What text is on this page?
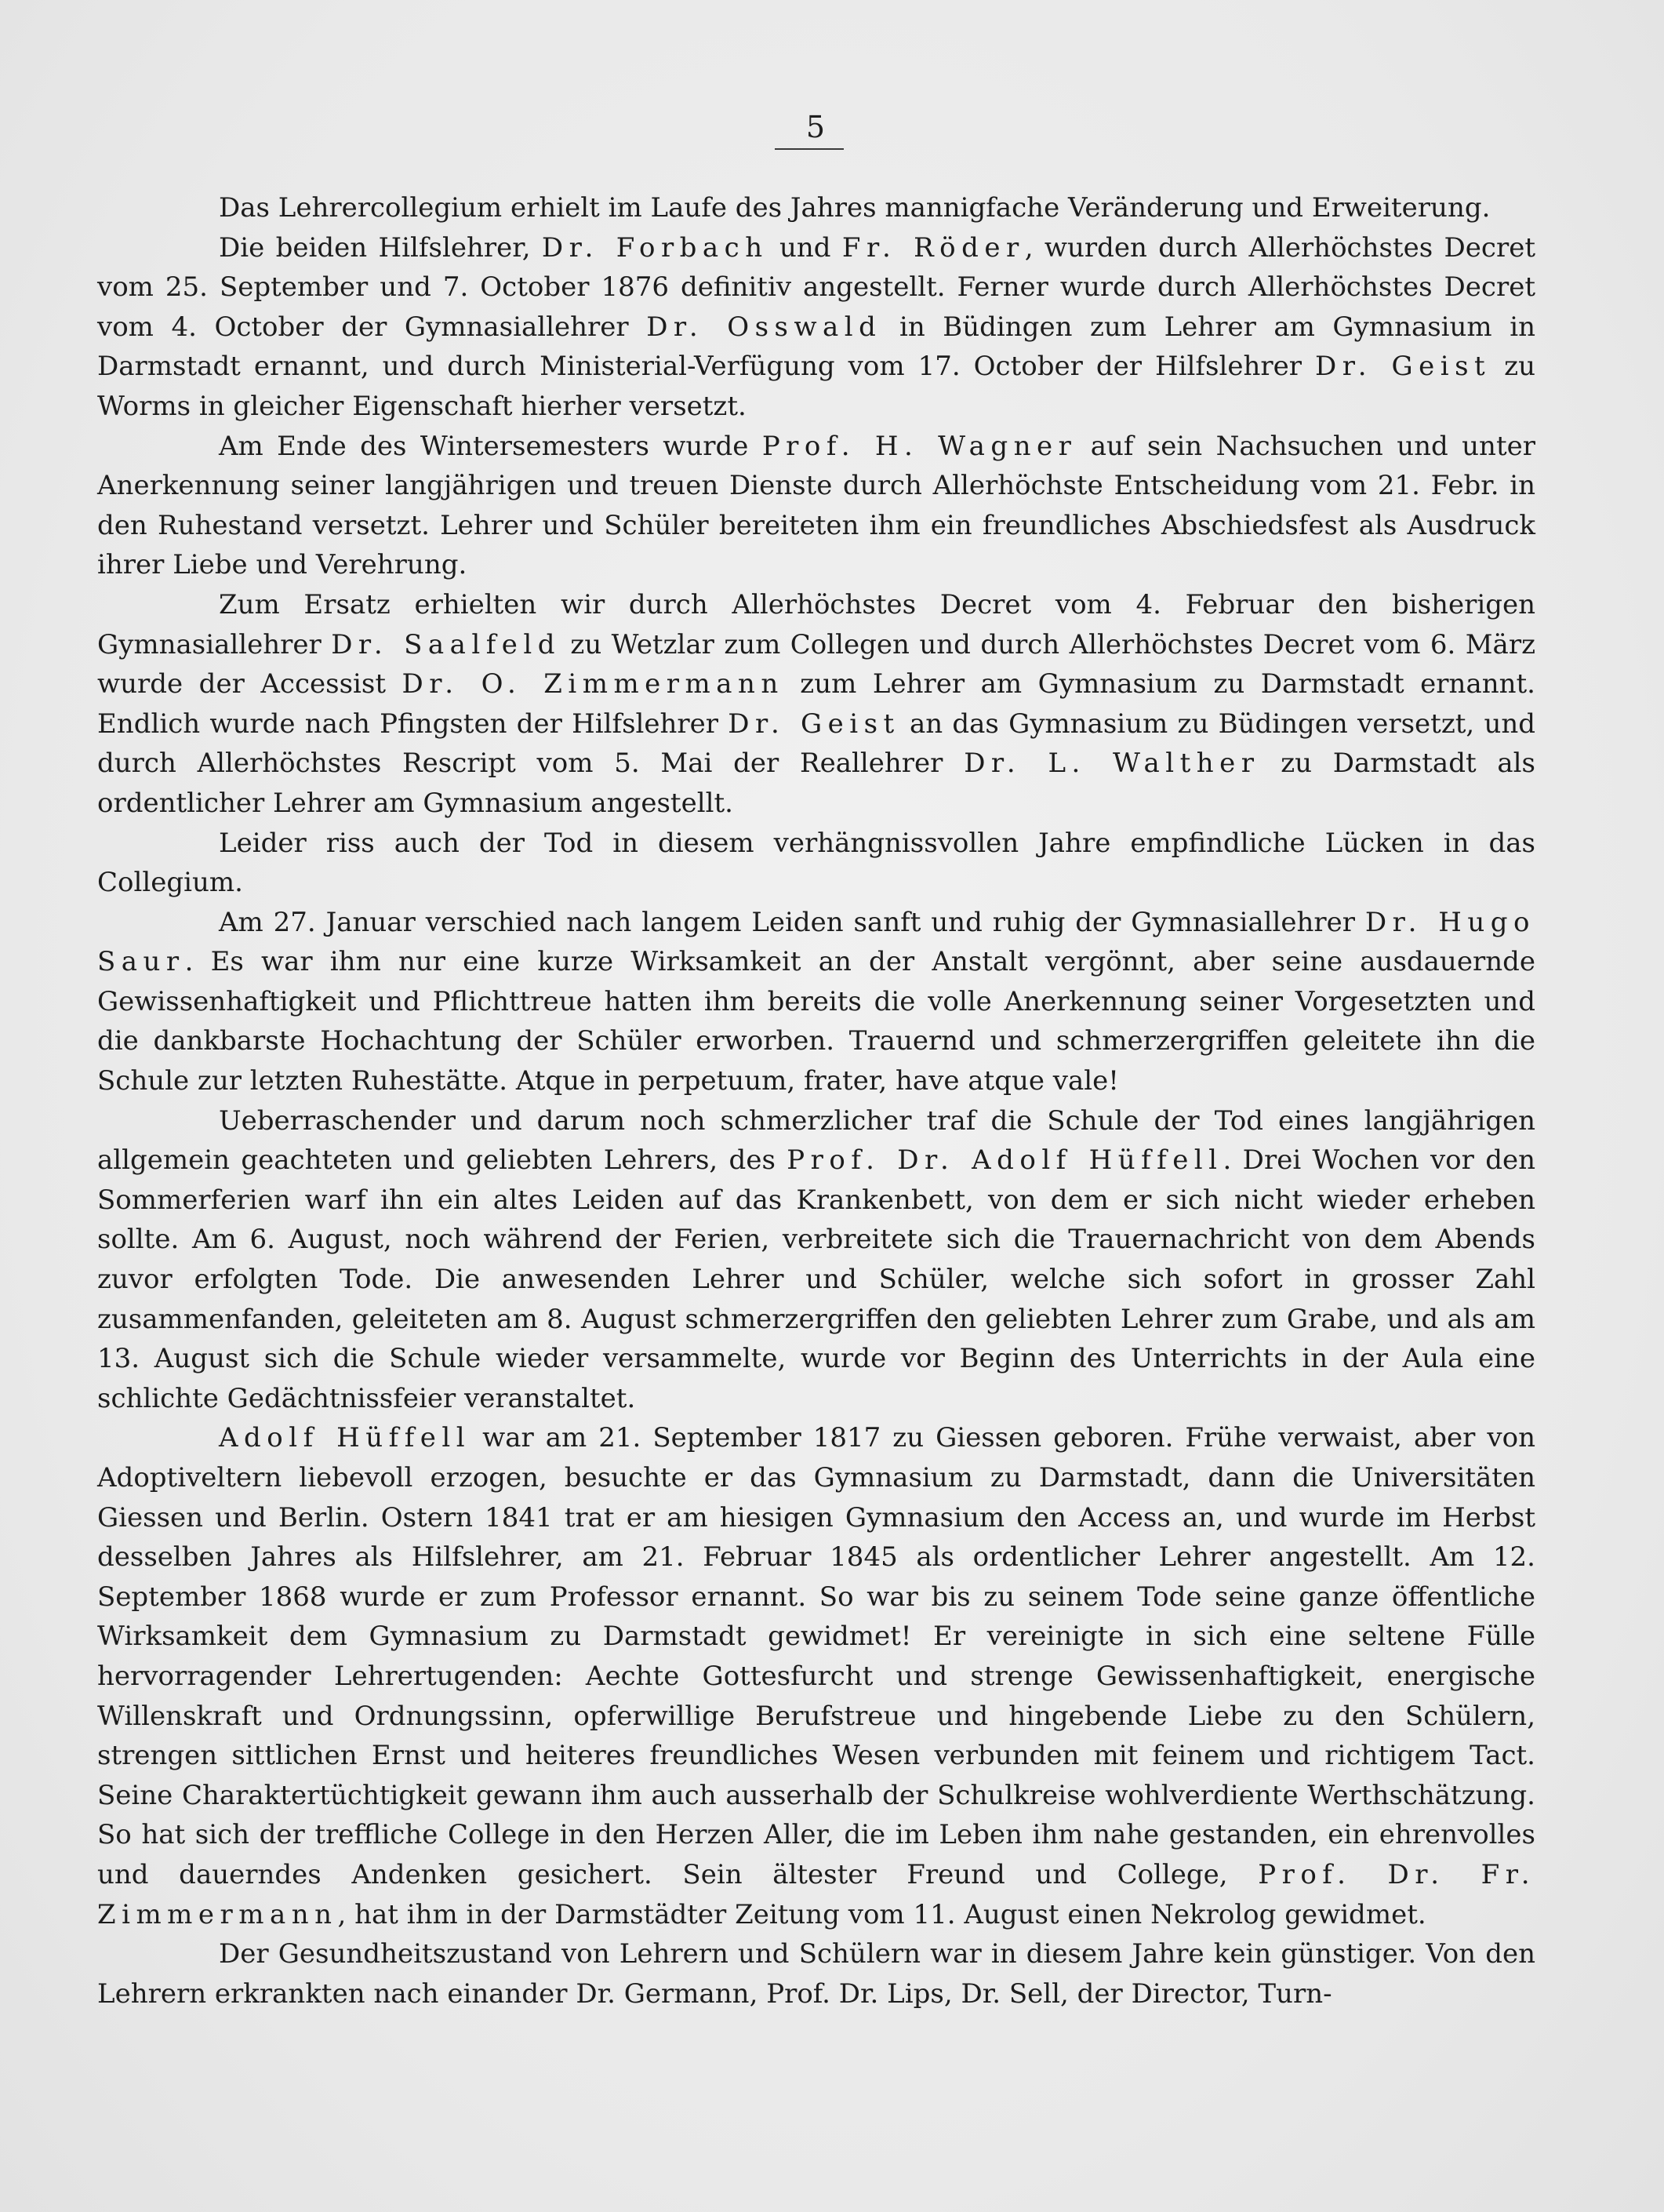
5

Das Lehrercollegium erhielt im Laufe des Jahres mannigfache Veränderung und Erweiterung.

Die beiden Hilfslehrer, Dr. Forbach und Fr. Röder, wurden durch Allerhöchstes Decret vom 25. September und 7. October 1876 definitiv angestellt. Ferner wurde durch Allerhöchstes Decret vom 4. October der Gymnasiallehrer Dr. Osswald in Büdingen zum Lehrer am Gymnasium in Darmstadt ernannt, und durch Ministerial-Verfügung vom 17. October der Hilfslehrer Dr. Geist zu Worms in gleicher Eigenschaft hierher versetzt.

Am Ende des Wintersemesters wurde Prof. H. Wagner auf sein Nachsuchen und unter Anerkennung seiner langjährigen und treuen Dienste durch Allerhöchste Entscheidung vom 21. Febr. in den Ruhestand versetzt. Lehrer und Schüler bereiteten ihm ein freundliches Abschiedsfest als Ausdruck ihrer Liebe und Verehrung.

Zum Ersatz erhielten wir durch Allerhöchstes Decret vom 4. Februar den bisherigen Gymnasiallehrer Dr. Saalfeld zu Wetzlar zum Collegen und durch Allerhöchstes Decret vom 6. März wurde der Accessist Dr. O. Zimmermann zum Lehrer am Gymnasium zu Darmstadt ernannt. Endlich wurde nach Pfingsten der Hilfslehrer Dr. Geist an das Gymnasium zu Büdingen versetzt, und durch Allerhöchstes Rescript vom 5. Mai der Reallehrer Dr. L. Walther zu Darmstadt als ordentlicher Lehrer am Gymnasium angestellt.

Leider riss auch der Tod in diesem verhängnissvollen Jahre empfindliche Lücken in das Collegium.

Am 27. Januar verschied nach langem Leiden sanft und ruhig der Gymnasiallehrer Dr. Hugo Saur. Es war ihm nur eine kurze Wirksamkeit an der Anstalt vergönnt, aber seine ausdauernde Gewissenhaftigkeit und Pflichttreue hatten ihm bereits die volle Anerkennung seiner Vorgesetzten und die dankbarste Hochachtung der Schüler erworben. Trauernd und schmerzergriffen geleitete ihn die Schule zur letzten Ruhestätte. Atque in perpetuum, frater, have atque vale!

Ueberraschender und darum noch schmerzlicher traf die Schule der Tod eines langjährigen allgemein geachteten und geliebten Lehrers, des Prof. Dr. Adolf Hüffell. Drei Wochen vor den Sommerferien warf ihn ein altes Leiden auf das Krankenbett, von dem er sich nicht wieder erheben sollte. Am 6. August, noch während der Ferien, verbreitete sich die Trauernachricht von dem Abends zuvor erfolgten Tode. Die anwesenden Lehrer und Schüler, welche sich sofort in grosser Zahl zusammenfanden, geleiteten am 8. August schmerzergriffen den geliebten Lehrer zum Grabe, und als am 13. August sich die Schule wieder versammelte, wurde vor Beginn des Unterrichts in der Aula eine schlichte Gedächtnissfeier veranstaltet.

Adolf Hüffell war am 21. September 1817 zu Giessen geboren. Frühe verwaist, aber von Adoptiveltern liebevoll erzogen, besuchte er das Gymnasium zu Darmstadt, dann die Universitäten Giessen und Berlin. Ostern 1841 trat er am hiesigen Gymnasium den Access an, und wurde im Herbst desselben Jahres als Hilfslehrer, am 21. Februar 1845 als ordentlicher Lehrer angestellt. Am 12. September 1868 wurde er zum Professor ernannt. So war bis zu seinem Tode seine ganze öffentliche Wirksamkeit dem Gymnasium zu Darmstadt gewidmet! Er vereinigte in sich eine seltene Fülle hervorragender Lehrertugenden: Aechte Gottesfurcht und strenge Gewissenhaftigkeit, energische Willenskraft und Ordnungssinn, opferwillige Berufstreue und hingebende Liebe zu den Schülern, strengen sittlichen Ernst und heiteres freundliches Wesen verbunden mit feinem und richtigem Tact. Seine Charaktertüchtigkeit gewann ihm auch ausserhalb der Schulkreise wohlverdiente Werthschätzung. So hat sich der treffliche College in den Herzen Aller, die im Leben ihm nahe gestanden, ein ehrenvolles und dauerndes Andenken gesichert. Sein ältester Freund und College, Prof. Dr. Fr. Zimmermann, hat ihm in der Darmstädter Zeitung vom 11. August einen Nekrolog gewidmet.

Der Gesundheitszustand von Lehrern und Schülern war in diesem Jahre kein günstiger. Von den Lehrern erkrankten nach einander Dr. Germann, Prof. Dr. Lips, Dr. Sell, der Director, Turn-
